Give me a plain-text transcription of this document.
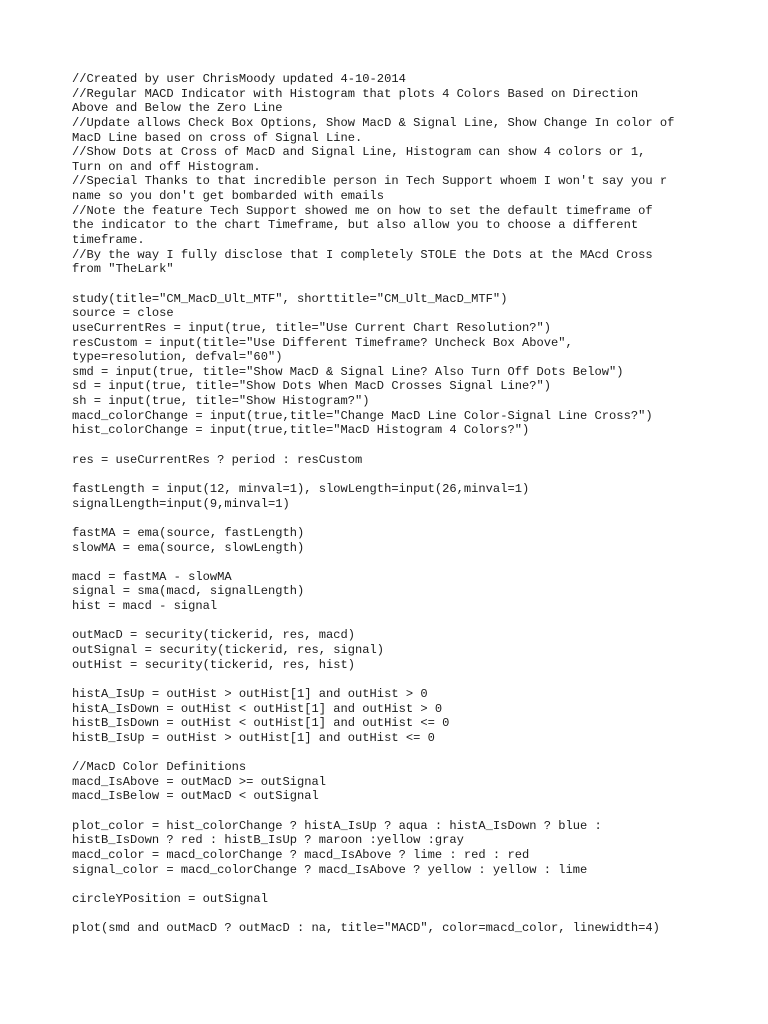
//Created by user ChrisMoody updated 4-10-2014
//Regular MACD Indicator with Histogram that plots 4 Colors Based on Direction
Above and Below the Zero Line
//Update allows Check Box Options, Show MacD & Signal Line, Show Change In color of
MacD Line based on cross of Signal Line.
//Show Dots at Cross of MacD and Signal Line, Histogram can show 4 colors or 1,
Turn on and off Histogram.
//Special Thanks to that incredible person in Tech Support whoem I won't say you r
name so you don't get bombarded with emails
//Note the feature Tech Support showed me on how to set the default timeframe of
the indicator to the chart Timeframe, but also allow you to choose a different
timeframe.
//By the way I fully disclose that I completely STOLE the Dots at the MAcd Cross
from "TheLark"
study(title="CM_MacD_Ult_MTF", shorttitle="CM_Ult_MacD_MTF")
source = close
useCurrentRes = input(true, title="Use Current Chart Resolution?")
resCustom = input(title="Use Different Timeframe? Uncheck Box Above",
type=resolution, defval="60")
smd = input(true, title="Show MacD & Signal Line? Also Turn Off Dots Below")
sd = input(true, title="Show Dots When MacD Crosses Signal Line?")
sh = input(true, title="Show Histogram?")
macd_colorChange = input(true,title="Change MacD Line Color-Signal Line Cross?")
hist_colorChange = input(true,title="MacD Histogram 4 Colors?")
res = useCurrentRes ? period : resCustom
fastLength = input(12, minval=1), slowLength=input(26,minval=1)
signalLength=input(9,minval=1)
fastMA = ema(source, fastLength)
slowMA = ema(source, slowLength)
macd = fastMA - slowMA
signal = sma(macd, signalLength)
hist = macd - signal
outMacD = security(tickerid, res, macd)
outSignal = security(tickerid, res, signal)
outHist = security(tickerid, res, hist)
histA_IsUp = outHist > outHist[1] and outHist > 0
histA_IsDown = outHist < outHist[1] and outHist > 0
histB_IsDown = outHist < outHist[1] and outHist <= 0
histB_IsUp = outHist > outHist[1] and outHist <= 0
//MacD Color Definitions
macd_IsAbove = outMacD >= outSignal
macd_IsBelow = outMacD < outSignal
plot_color = hist_colorChange ? histA_IsUp ? aqua : histA_IsDown ? blue :
histB_IsDown ? red : histB_IsUp ? maroon :yellow :gray
macd_color = macd_colorChange ? macd_IsAbove ? lime : red : red
signal_color = macd_colorChange ? macd_IsAbove ? yellow : yellow : lime
circleYPosition = outSignal
plot(smd and outMacD ? outMacD : na, title="MACD", color=macd_color, linewidth=4)
